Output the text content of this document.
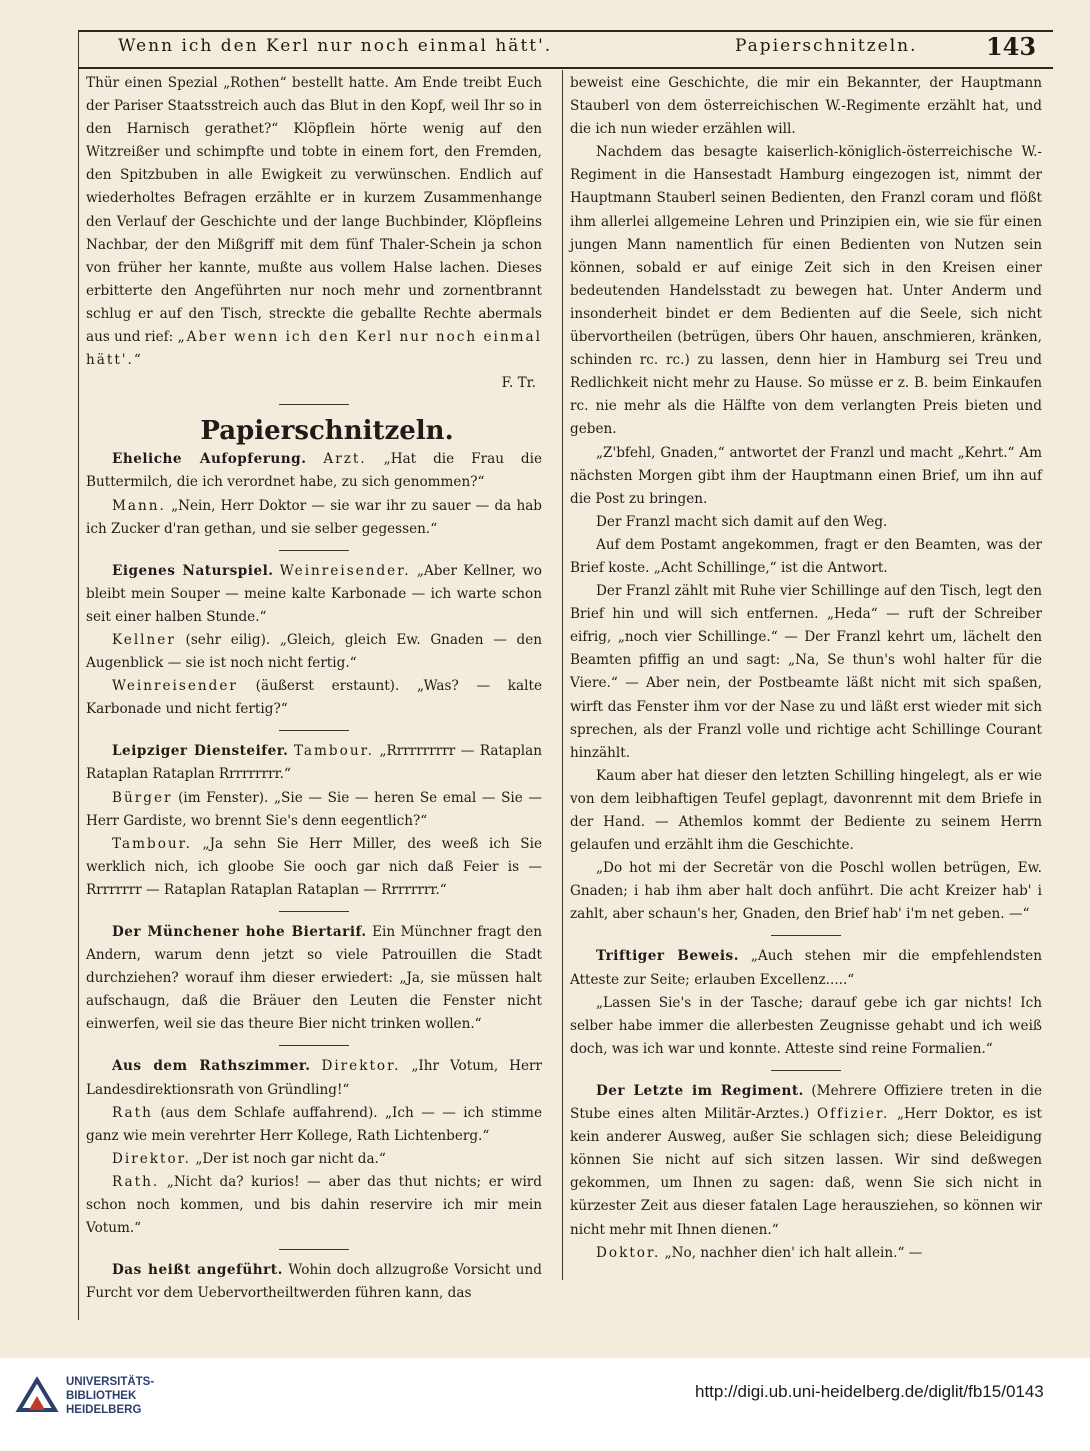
Wenn ich den Kerl nur noch einmal hätt'.	Papierschnitzeln.	143

Thür einen Spezial „Rothen“ bestellt hatte. Am Ende treibt Euch der Pariser Staatsstreich auch das Blut in den Kopf, weil Ihr so in den Harnisch gerathet?“ Klöpflein hörte wenig auf den Witzreißer und schimpfte und tobte in einem fort, den Fremden, den Spitzbuben in alle Ewigkeit zu verwünschen. Endlich auf wiederholtes Befragen erzählte er in kurzem Zusammenhange den Verlauf der Geschichte und der lange Buchbinder, Klöpfleins Nachbar, der den Mißgriff mit dem fünf Thaler-Schein ja schon von früher her kannte, mußte aus vollem Halse lachen. Dieses erbitterte den Angeführten nur noch mehr und zornentbrannt schlug er auf den Tisch, streckte die geballte Rechte abermals aus und rief: „Aber wenn ich den Kerl nur noch einmal hätt'.“

F. Tr.

Papierschnitzeln.

Eheliche Aufopferung. Arzt. „Hat die Frau die Buttermilch, die ich verordnet habe, zu sich genommen?“

Mann. „Nein, Herr Doktor — sie war ihr zu sauer — da hab ich Zucker d'ran gethan, und sie selber gegessen.“

Eigenes Naturspiel. Weinreisender. „Aber Kellner, wo bleibt mein Souper — meine kalte Karbonade — ich warte schon seit einer halben Stunde.“

Kellner (sehr eilig). „Gleich, gleich Ew. Gnaden — den Augenblick — sie ist noch nicht fertig.“

Weinreisender (äußerst erstaunt). „Was? — kalte Karbonade und nicht fertig?“

Leipziger Diensteifer. Tambour. „Rrrrrrrrrr — Rataplan Rataplan Rataplan Rrrrrrrrr.“

Bürger (im Fenster). „Sie — Sie — heren Se emal — Sie — Herr Gardiste, wo brennt Sie's denn eegentlich?“

Tambour. „Ja sehn Sie Herr Miller, des weeß ich Sie werklich nich, ich gloobe Sie ooch gar nich daß Feier is — Rrrrrrrr — Rataplan Rataplan Rataplan — Rrrrrrrr.“

Der Münchener hohe Biertarif. Ein Münchner fragt den Andern, warum denn jetzt so viele Patrouillen die Stadt durchziehen? worauf ihm dieser erwiedert: „Ja, sie müssen halt aufschaugn, daß die Bräuer den Leuten die Fenster nicht einwerfen, weil sie das theure Bier nicht trinken wollen.“

Aus dem Rathszimmer. Direktor. „Ihr Votum, Herr Landesdirektionsrath von Gründling!“

Rath (aus dem Schlafe auffahrend). „Ich — — ich stimme ganz wie mein verehrter Herr Kollege, Rath Lichtenberg.“

Direktor. „Der ist noch gar nicht da.“

Rath. „Nicht da? kurios! — aber das thut nichts; er wird schon noch kommen, und bis dahin reservire ich mir mein Votum.“

Das heißt angeführt. Wohin doch allzugroße Vorsicht und Furcht vor dem Uebervortheiltwerden führen kann, das

beweist eine Geschichte, die mir ein Bekannter, der Hauptmann Stauberl von dem österreichischen W.-Regimente erzählt hat, und die ich nun wieder erzählen will.

Nachdem das besagte kaiserlich-königlich-österreichische W.-Regiment in die Hansestadt Hamburg eingezogen ist, nimmt der Hauptmann Stauberl seinen Bedienten, den Franzl coram und flößt ihm allerlei allgemeine Lehren und Prinzipien ein, wie sie für einen jungen Mann namentlich für einen Bedienten von Nutzen sein können, sobald er auf einige Zeit sich in den Kreisen einer bedeutenden Handelsstadt zu bewegen hat. Unter Anderm und insonderheit bindet er dem Bedienten auf die Seele, sich nicht übervortheilen (betrügen, übers Ohr hauen, anschmieren, kränken, schinden rc. rc.) zu lassen, denn hier in Hamburg sei Treu und Redlichkeit nicht mehr zu Hause. So müsse er z. B. beim Einkaufen rc. nie mehr als die Hälfte von dem verlangten Preis bieten und geben.

„Z'bfehl, Gnaden,“ antwortet der Franzl und macht „Kehrt.“ Am nächsten Morgen gibt ihm der Hauptmann einen Brief, um ihn auf die Post zu bringen.

Der Franzl macht sich damit auf den Weg.

Auf dem Postamt angekommen, fragt er den Beamten, was der Brief koste. „Acht Schillinge,“ ist die Antwort.

Der Franzl zählt mit Ruhe vier Schillinge auf den Tisch, legt den Brief hin und will sich entfernen. „Heda“ — ruft der Schreiber eifrig, „noch vier Schillinge.“ — Der Franzl kehrt um, lächelt den Beamten pfiffig an und sagt: „Na, Se thun's wohl halter für die Viere.“ — Aber nein, der Postbeamte läßt nicht mit sich spaßen, wirft das Fenster ihm vor der Nase zu und läßt erst wieder mit sich sprechen, als der Franzl volle und richtige acht Schillinge Courant hinzählt.

Kaum aber hat dieser den letzten Schilling hingelegt, als er wie von dem leibhaftigen Teufel geplagt, davonrennt mit dem Briefe in der Hand. — Athemlos kommt der Bediente zu seinem Herrn gelaufen und erzählt ihm die Geschichte.

„Do hot mi der Secretär von die Poschl wollen betrügen, Ew. Gnaden; i hab ihm aber halt doch anführt. Die acht Kreizer hab' i zahlt, aber schaun's her, Gnaden, den Brief hab' i'm net geben. —“

Triftiger Beweis. „Auch stehen mir die empfehlendsten Atteste zur Seite; erlauben Excellenz.....“

„Lassen Sie's in der Tasche; darauf gebe ich gar nichts! Ich selber habe immer die allerbesten Zeugnisse gehabt und ich weiß doch, was ich war und konnte. Atteste sind reine Formalien.“

Der Letzte im Regiment. (Mehrere Offiziere treten in die Stube eines alten Militär-Arztes.) Offizier. „Herr Doktor, es ist kein anderer Ausweg, außer Sie schlagen sich; diese Beleidigung können Sie nicht auf sich sitzen lassen. Wir sind deßwegen gekommen, um Ihnen zu sagen: daß, wenn Sie sich nicht in kürzester Zeit aus dieser fatalen Lage herausziehen, so können wir nicht mehr mit Ihnen dienen.“

Doktor. „No, nachher dien' ich halt allein.“ —

UNIVERSITÄTS-
BIBLIOTHEK
HEIDELBERG
http://digi.ub.uni-heidelberg.de/diglit/fb15/0143
